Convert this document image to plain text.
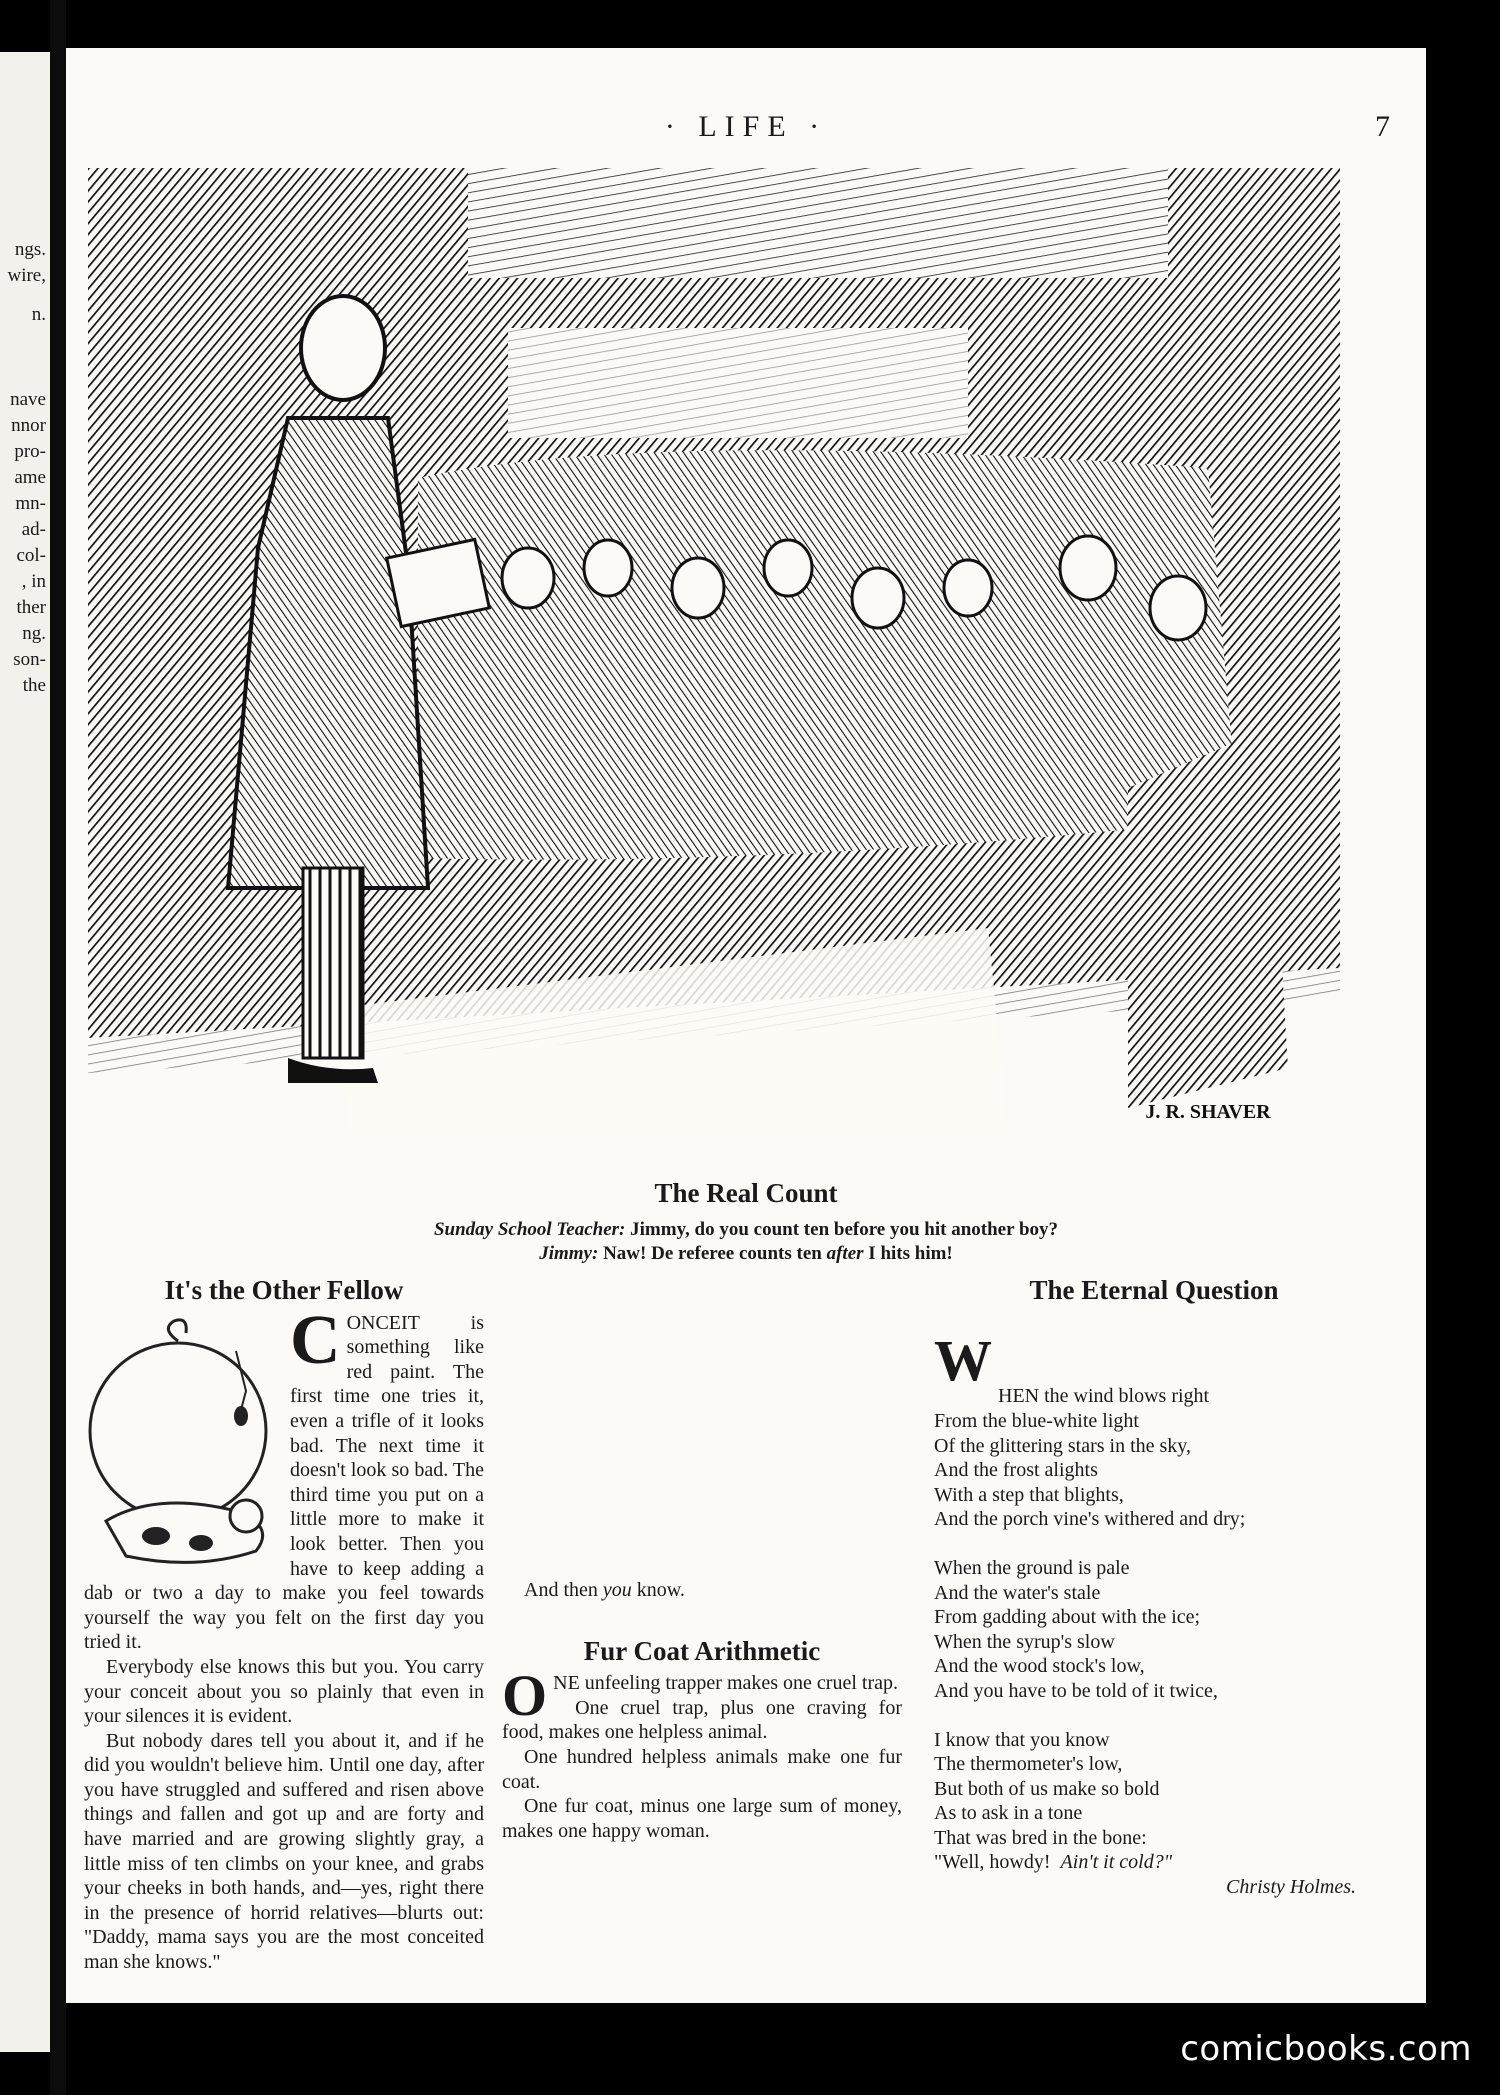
ngs.
wire,
n.
nave
nnor
pro-
ame
mn-
ad-
col-
, in
ther
ng.
son-
the
· LIFE ·	7
J. R. SHAVER
The Real Count
Sunday School Teacher: Jimmy, do you count ten before you hit another boy?
Jimmy: Naw! De referee counts ten after I hits him!
It's the Other Fellow

CONCEIT is something like red paint. The first time one tries it, even a trifle of it looks bad. The next time it doesn't look so bad. The third time you put on a little more to make it look better. Then you have to keep adding a dab or two a day to make you feel towards yourself the way you felt on the first day you tried it.

Everybody else knows this but you. You carry your conceit about you so plainly that even in your silences it is evident.

But nobody dares tell you about it, and if he did you wouldn't believe him. Until one day, after you have struggled and suffered and risen above things and fallen and got up and are forty and have married and are growing slightly gray, a little miss of ten climbs on your knee, and grabs your cheeks in both hands, and—yes, right there in the presence of horrid relatives—blurts out: "Daddy, mama says you are the most conceited man she knows."

And then you know.

Fur Coat Arithmetic

ONE unfeeling trapper makes one cruel trap.

One cruel trap, plus one craving for food, makes one helpless animal.

One hundred helpless animals make one fur coat.

One fur coat, minus one large sum of money, makes one happy woman.

The Eternal Question

W

HEN the wind blows right
From the blue-white light
Of the glittering stars in the sky,
And the frost alights
With a step that blights,
And the porch vine's withered and dry;
When the ground is pale
And the water's stale
From gadding about with the ice;
When the syrup's slow
And the wood stock's low,
And you have to be told of it twice,
I know that you know
The thermometer's low,
But both of us make so bold
As to ask in a tone
That was bred in the bone:
"Well, howdy! Ain't it cold?"
Christy Holmes.
comicbooks.com
